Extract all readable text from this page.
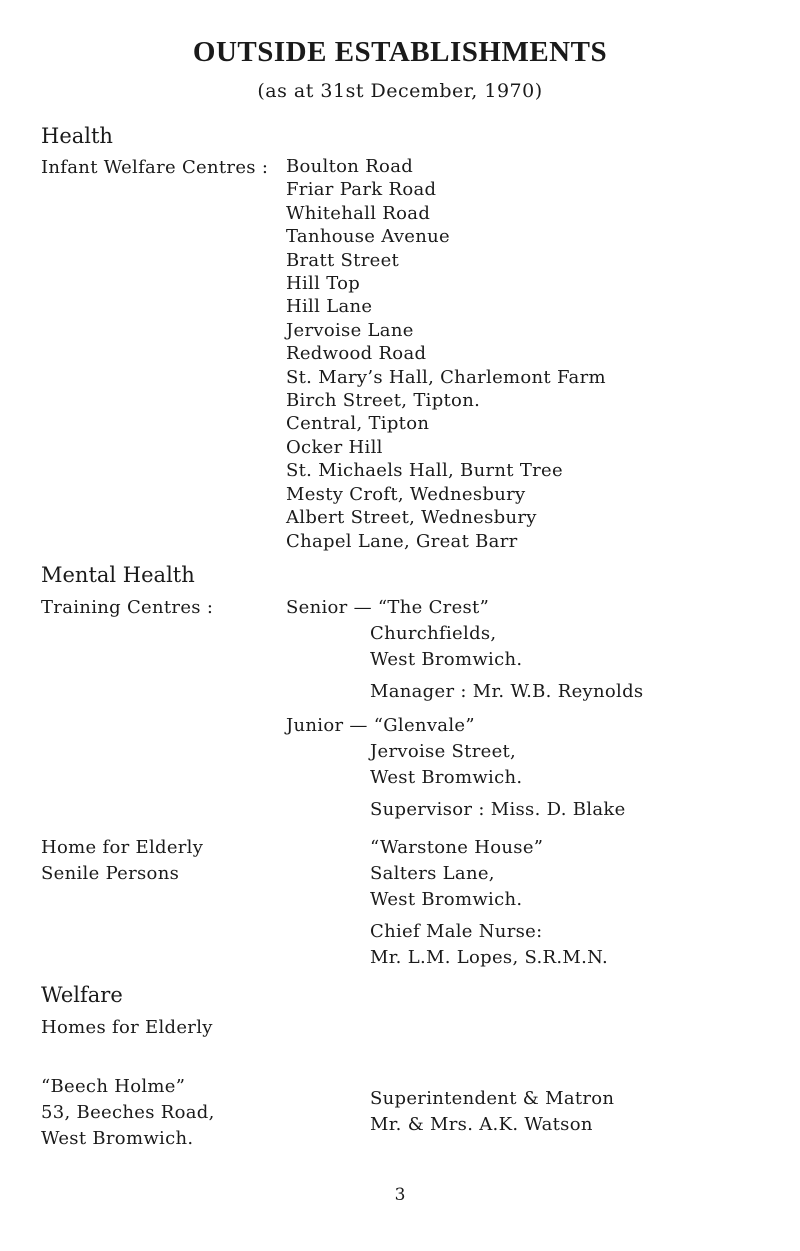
OUTSIDE ESTABLISHMENTS
(as at 31st December, 1970)
Health
Infant Welfare Centres : Boulton Road
Friar Park Road
Whitehall Road
Tanhouse Avenue
Bratt Street
Hill Top
Hill Lane
Jervoise Lane
Redwood Road
St. Mary’s Hall, Charlemont Farm
Birch Street, Tipton.
Central, Tipton
Ocker Hill
St. Michaels Hall, Burnt Tree
Mesty Croft, Wednesbury
Albert Street, Wednesbury
Chapel Lane, Great Barr
Mental Health
Training Centres :	Senior — “The Crest”
Churchfields,
West Bromwich.
Manager : Mr. W.B. Reynolds
Junior — “Glenvale”
Jervoise Street,
West Bromwich.
Supervisor : Miss. D. Blake
Home for Elderly
Senile Persons
“Warstone House”
Salters Lane,
West Bromwich.
Chief Male Nurse:
Mr. L.M. Lopes, S.R.M.N.
Welfare
Homes for Elderly
“Beech Holme”
53, Beeches Road,
West Bromwich.
Superintendent & Matron
Mr. & Mrs. A.K. Watson
3
